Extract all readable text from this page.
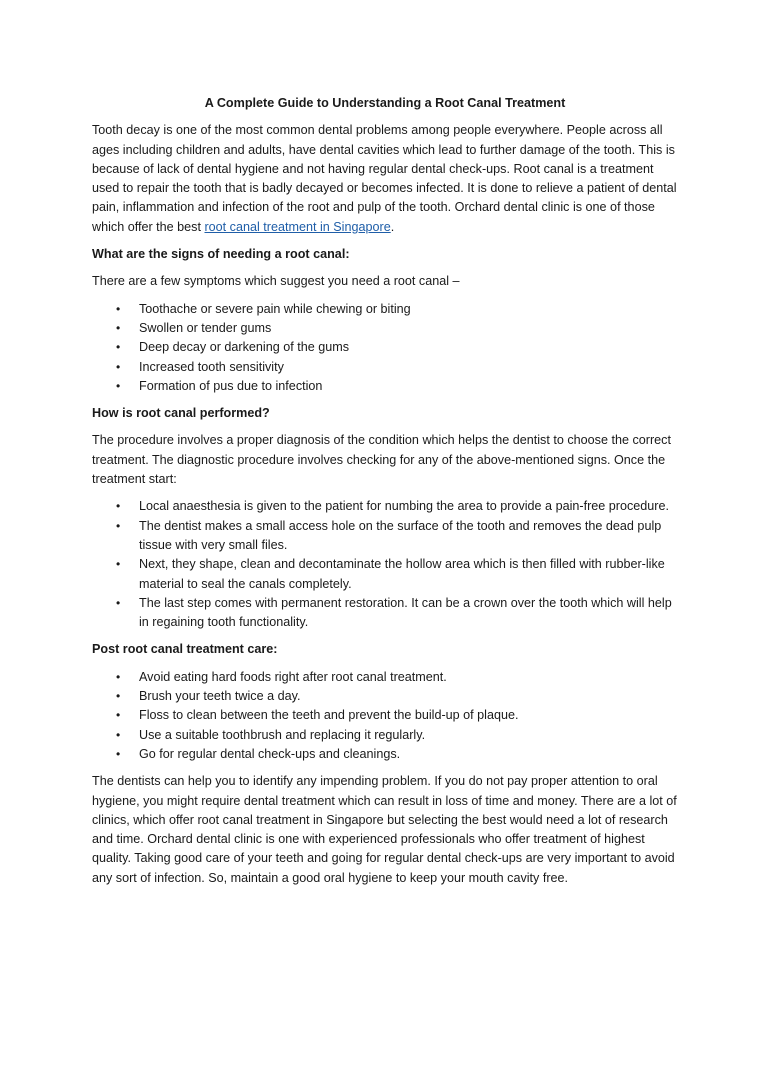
A Complete Guide to Understanding a Root Canal Treatment

Tooth decay is one of the most common dental problems among people everywhere. People across all ages including children and adults, have dental cavities which lead to further damage of the tooth. This is because of lack of dental hygiene and not having regular dental check-ups. Root canal is a treatment used to repair the tooth that is badly decayed or becomes infected. It is done to relieve a patient of dental pain, inflammation and infection of the root and pulp of the tooth. Orchard dental clinic is one of those which offer the best root canal treatment in Singapore.

What are the signs of needing a root canal:

There are a few symptoms which suggest you need a root canal –

• Toothache or severe pain while chewing or biting
• Swollen or tender gums
• Deep decay or darkening of the gums
• Increased tooth sensitivity
• Formation of pus due to infection
How is root canal performed?

The procedure involves a proper diagnosis of the condition which helps the dentist to choose the correct treatment. The diagnostic procedure involves checking for any of the above-mentioned signs. Once the treatment start:

• Local anaesthesia is given to the patient for numbing the area to provide a pain-free procedure.
• The dentist makes a small access hole on the surface of the tooth and removes the dead pulp tissue with very small files.
• Next, they shape, clean and decontaminate the hollow area which is then filled with rubber-like material to seal the canals completely.
• The last step comes with permanent restoration. It can be a crown over the tooth which will help in regaining tooth functionality.
Post root canal treatment care:
• Avoid eating hard foods right after root canal treatment.
• Brush your teeth twice a day.
• Floss to clean between the teeth and prevent the build-up of plaque.
• Use a suitable toothbrush and replacing it regularly.
• Go for regular dental check-ups and cleanings.

The dentists can help you to identify any impending problem. If you do not pay proper attention to oral hygiene, you might require dental treatment which can result in loss of time and money. There are a lot of clinics, which offer root canal treatment in Singapore but selecting the best would need a lot of research and time. Orchard dental clinic is one with experienced professionals who offer treatment of highest quality. Taking good care of your teeth and going for regular dental check-ups are very important to avoid any sort of infection. So, maintain a good oral hygiene to keep your mouth cavity free.
